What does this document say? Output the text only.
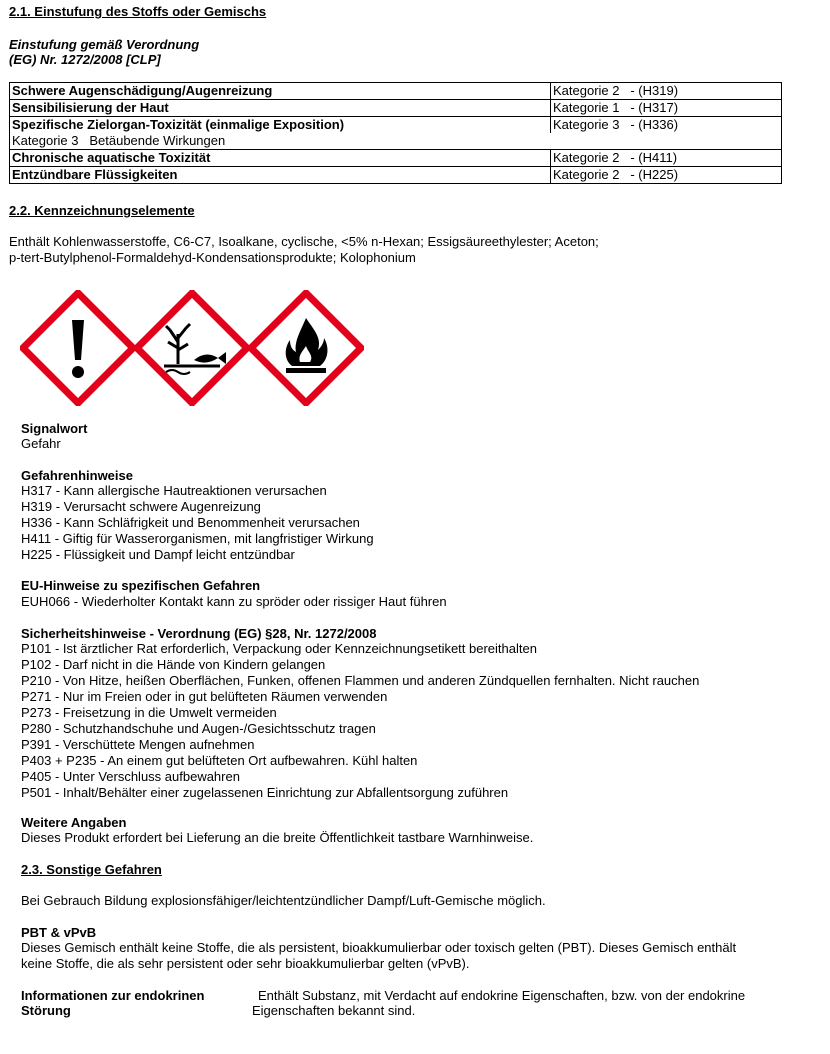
2.1. Einstufung des Stoffs oder Gemischs
Einstufung gemäß Verordnung
(EG) Nr. 1272/2008 [CLP]
Schwere Augenschädigung/Augenreizung	Kategorie 2 - (H319)
Sensibilisierung der Haut	Kategorie 1 - (H317)
Spezifische Zielorgan-Toxizität (einmalige Exposition)	Kategorie 3 - (H336)
Kategorie 3 Betäubende Wirkungen	
Chronische aquatische Toxizität	Kategorie 2 - (H411)
Entzündbare Flüssigkeiten	Kategorie 2 - (H225)
2.2. Kennzeichnungselemente
Enthält Kohlenwasserstoffe, C6-C7, Isoalkane, cyclische, <5% n-Hexan; Essigsäureethylester; Aceton;
p-tert-Butylphenol-Formaldehyd-Kondensationsprodukte; Kolophonium
Signalwort
Gefahr
Gefahrenhinweise
H317 - Kann allergische Hautreaktionen verursachen
H319 - Verursacht schwere Augenreizung
H336 - Kann Schläfrigkeit und Benommenheit verursachen
H411 - Giftig für Wasserorganismen, mit langfristiger Wirkung
H225 - Flüssigkeit und Dampf leicht entzündbar
EU-Hinweise zu spezifischen Gefahren
EUH066 - Wiederholter Kontakt kann zu spröder oder rissiger Haut führen
Sicherheitshinweise - Verordnung (EG) §28, Nr. 1272/2008
P101 - Ist ärztlicher Rat erforderlich, Verpackung oder Kennzeichnungsetikett bereithalten
P102 - Darf nicht in die Hände von Kindern gelangen
P210 - Von Hitze, heißen Oberflächen, Funken, offenen Flammen und anderen Zündquellen fernhalten. Nicht rauchen
P271 - Nur im Freien oder in gut belüfteten Räumen verwenden
P273 - Freisetzung in die Umwelt vermeiden
P280 - Schutzhandschuhe und Augen-/Gesichtsschutz tragen
P391 - Verschüttete Mengen aufnehmen
P403 + P235 - An einem gut belüfteten Ort aufbewahren. Kühl halten
P405 - Unter Verschluss aufbewahren
P501 - Inhalt/Behälter einer zugelassenen Einrichtung zur Abfallentsorgung zuführen
Weitere Angaben
Dieses Produkt erfordert bei Lieferung an die breite Öffentlichkeit tastbare Warnhinweise.
2.3. Sonstige Gefahren
Bei Gebrauch Bildung explosionsfähiger/leichtentzündlicher Dampf/Luft-Gemische möglich.
PBT & vPvB
Dieses Gemisch enthält keine Stoffe, die als persistent, bioakkumulierbar oder toxisch gelten (PBT). Dieses Gemisch enthält
keine Stoffe, die als sehr persistent oder sehr bioakkumulierbar gelten (vPvB).
Informationen zur endokrinen
Störung
Enthält Substanz, mit Verdacht auf endokrine Eigenschaften, bzw. von der endokrine
Eigenschaften bekannt sind.
